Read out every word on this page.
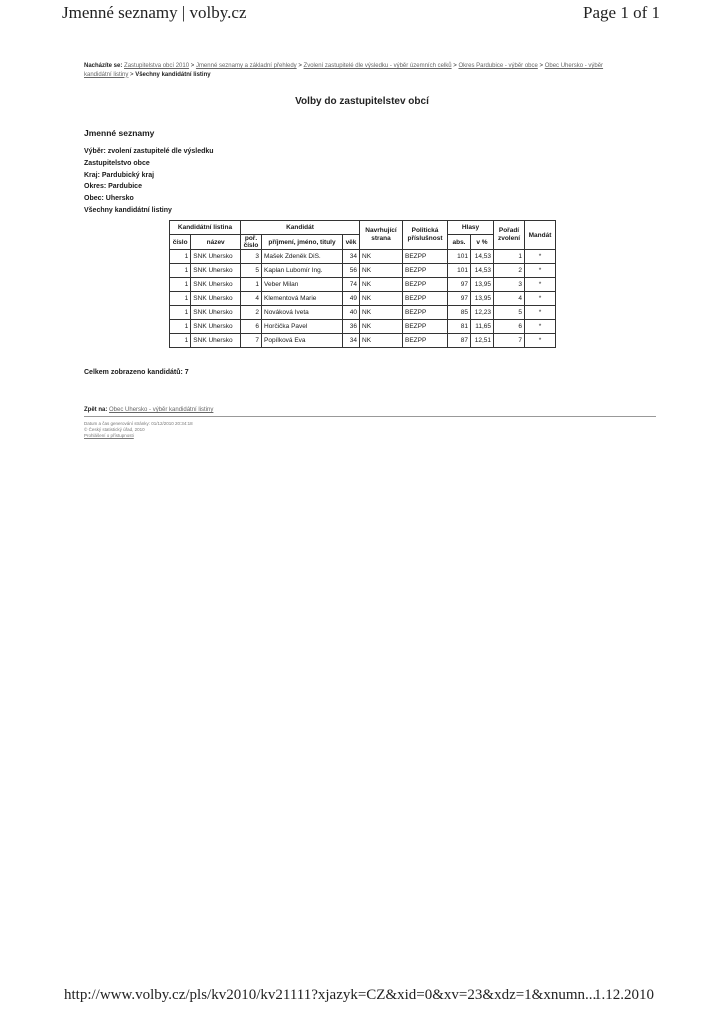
Jmenné seznamy | volby.cz	Page 1 of 1
Nacházíte se: Zastupitelstva obcí 2010 > Jmenné seznamy a základní přehledy > Zvolení zastupitelé dle výsledku - výběr územních celků > Okres Pardubice - výběr obce > Obec Uhersko - výběr kandidátní listiny > Všechny kandidátní listiny
Volby do zastupitelstev obcí
Jmenné seznamy
Výběr: zvolení zastupitelé dle výsledku
Zastupitelstvo obce
Kraj: Pardubický kraj
Okres: Pardubice
Obec: Uhersko
Všechny kandidátní listiny
Kandidátní listina		Kandidát			Navrhující strana	Politická příslušnost	Hlasy		Pořadí zvolení	Mandát
číslo	název	poř. číslo	příjmení, jméno, tituly	věk			abs.	v %		
1	SNK Uhersko	3	Mašek Zdeněk DiS.	34	NK	BEZPP	101	14,53	1	*
1	SNK Uhersko	5	Kaplan Lubomír Ing.	56	NK	BEZPP	101	14,53	2	*
1	SNK Uhersko	1	Veber Milan	74	NK	BEZPP	97	13,95	3	*
1	SNK Uhersko	4	Klementová Marie	49	NK	BEZPP	97	13,95	4	*
1	SNK Uhersko	2	Nováková Iveta	40	NK	BEZPP	85	12,23	5	*
1	SNK Uhersko	6	Horčička Pavel	36	NK	BEZPP	81	11,65	6	*
1	SNK Uhersko	7	Popílková Eva	34	NK	BEZPP	87	12,51	7	*
Celkem zobrazeno kandidátů: 7
Zpět na: Obec Uhersko - výběr kandidátní listiny
Datum a čas generování stránky: 01/12/2010 20:34:18
© Český statistický úřad, 2010
Prohlášení o přístupnosti
http://www.volby.cz/pls/kv2010/kv21111?xjazyk=CZ&xid=0&xv=23&xdz=1&xnumn...
1.12.2010
